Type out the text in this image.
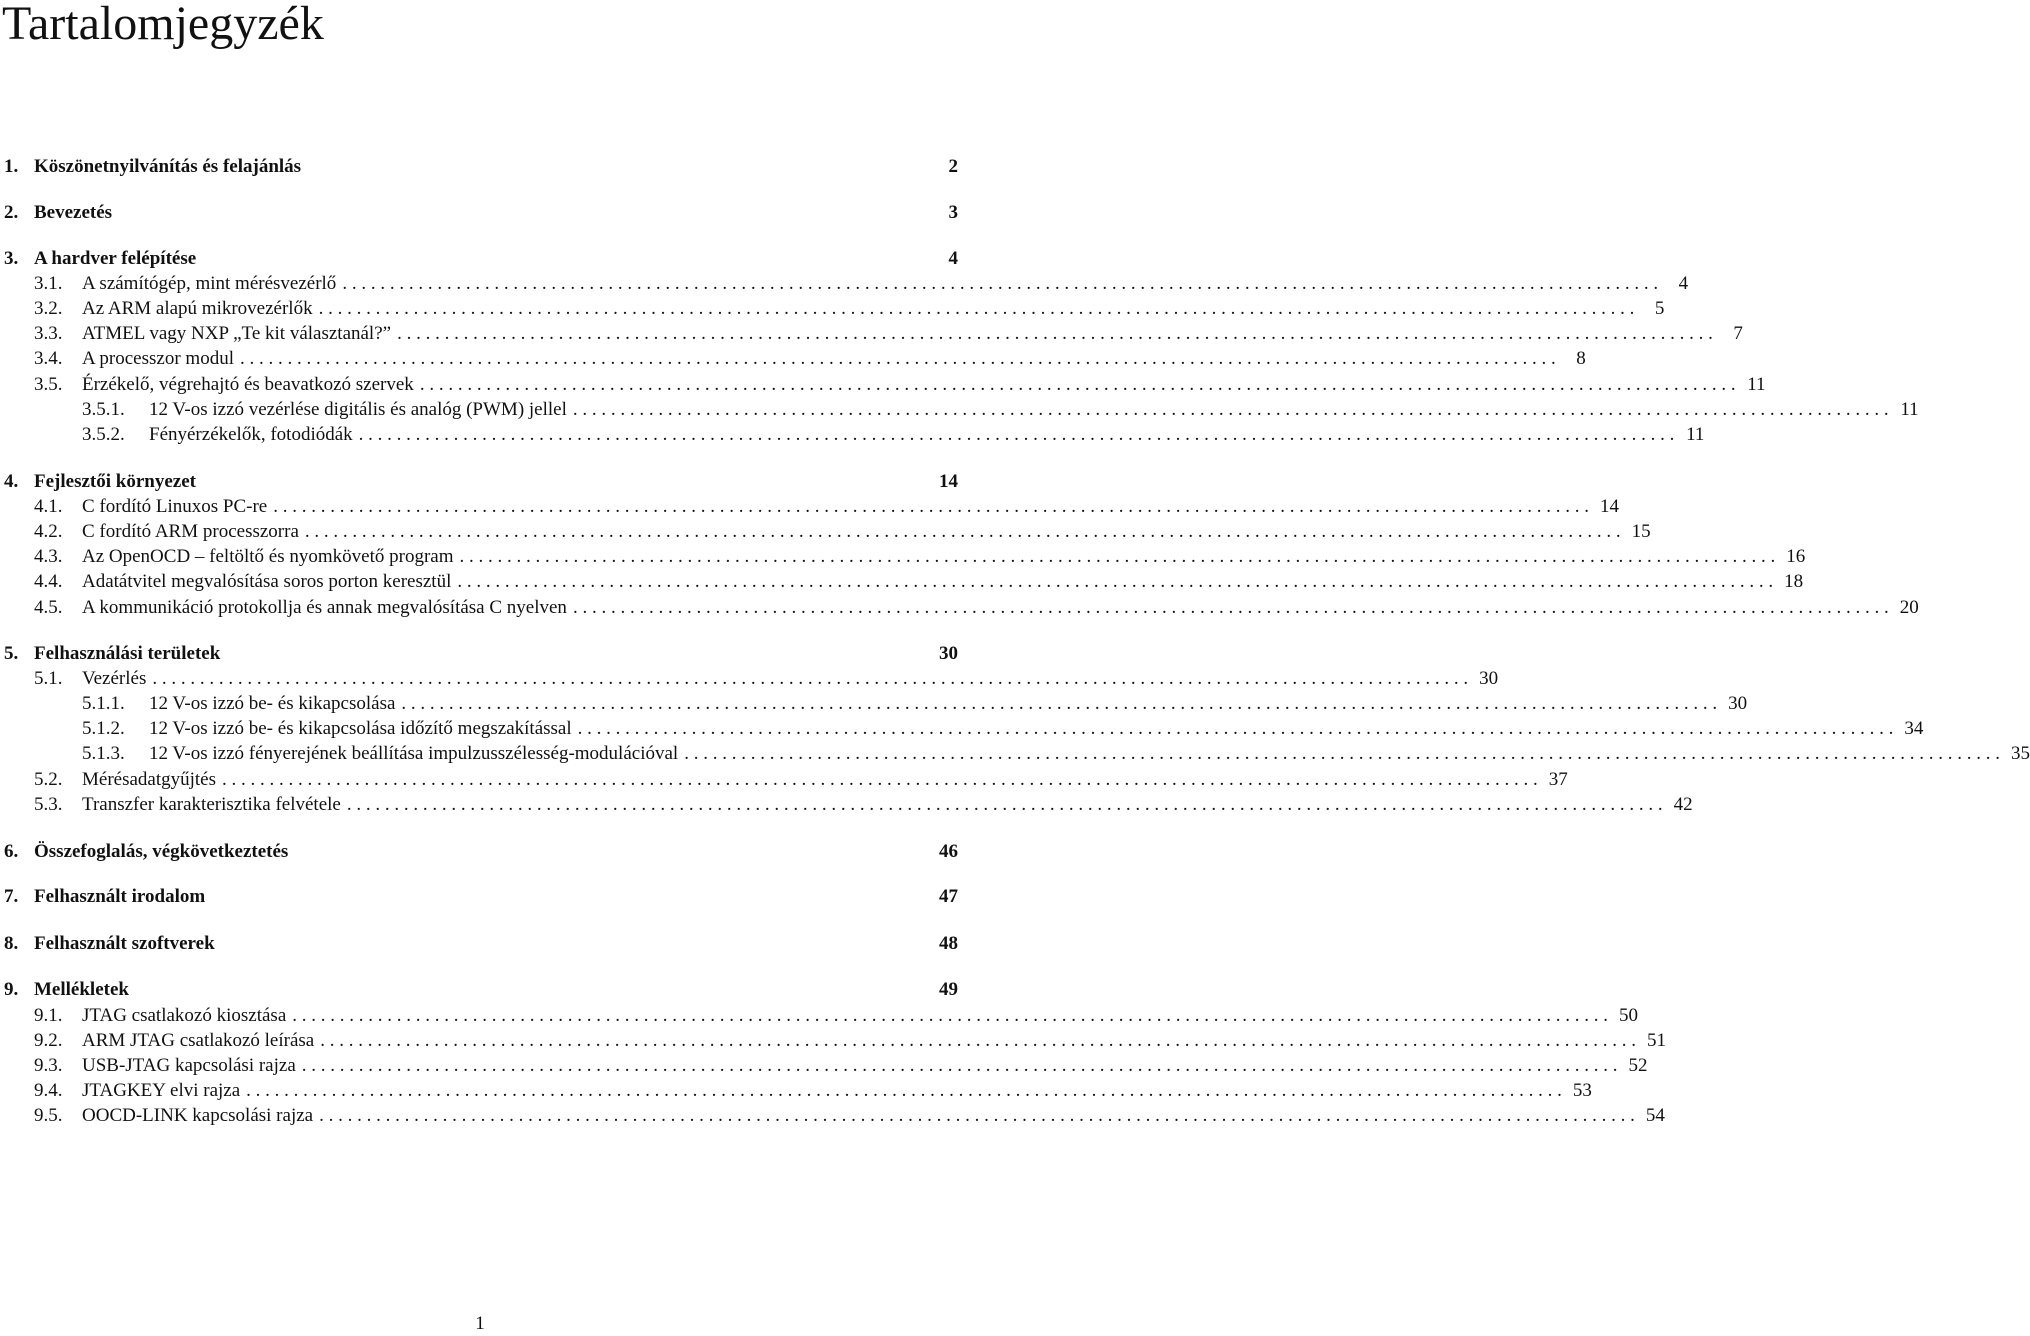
Tartalomjegyzék
1. Köszönetnyilvánítás és felajánlás	2
2. Bevezetés	3
3. A hardver felépítése	4
3.1.	A számítógép, mint mérésvezérlő . . . . . . . . . . . . . . . . . . . . . . . . . . . . . . . . . . . . . . . . . . . . . . . . . . . . . . . . . . . . . . . . . . . . . . . . . . . . . . . . . . . . . . . . . . . . . . . . . . . . . . . . . . . . . . . . . . . . . . . . . . . . . . . . . . . . . . . . . . .	4
3.2.	Az ARM alapú mikrovezérlők . . . . . . . . . . . . . . . . . . . . . . . . . . . . . . . . . . . . . . . . . . . . . . . . . . . . . . . . . . . . . . . . . . . . . . . . . . . . . . . . . . . . . . . . . . . . . . . . . . . . . . . . . . . . . . . . . . . . . . . . . . . . . . . . . . . . . . . . . . .	5
3.3.	ATMEL vagy NXP „Te kit választanál?” . . . . . . . . . . . . . . . . . . . . . . . . . . . . . . . . . . . . . . . . . . . . . . . . . . . . . . . . . . . . . . . . . . . . . . . . . . . . . . . . . . . . . . . . . . . . . . . . . . . . . . . . . . . . . . . . . . . . . . . . . . . . . . . . . . . . . . . . . . .	7
3.4.	A processzor modul . . . . . . . . . . . . . . . . . . . . . . . . . . . . . . . . . . . . . . . . . . . . . . . . . . . . . . . . . . . . . . . . . . . . . . . . . . . . . . . . . . . . . . . . . . . . . . . . . . . . . . . . . . . . . . . . . . . . . . . . . . . . . . . . . . . . . . . . . . .	8
3.5.	Érzékelő, végrehajtó és beavatkozó szervek . . . . . . . . . . . . . . . . . . . . . . . . . . . . . . . . . . . . . . . . . . . . . . . . . . . . . . . . . . . . . . . . . . . . . . . . . . . . . . . . . . . . . . . . . . . . . . . . . . . . . . . . . . . . . . . . . . . . . . . . . . . . . . . . . . . . . . . . . . . 11
3.5.1.	12 V-os izzó vezérlése digitális és analóg (PWM) jellel . . . . . . . . . . . . . . . . . . . . . . . . . . . . . . . . . . . . . . . . . . . . . . . . . . . . . . . . . . . . . . . . . . . . . . . . . . . . . . . . . . . . . . . . . . . . . . . . . . . . . . . . . . . . . . . . . . . . . . . . . . . . . . . . . . . . . . . . . . . 11
3.5.2.	Fényérzékelők, fotodiódák . . . . . . . . . . . . . . . . . . . . . . . . . . . . . . . . . . . . . . . . . . . . . . . . . . . . . . . . . . . . . . . . . . . . . . . . . . . . . . . . . . . . . . . . . . . . . . . . . . . . . . . . . . . . . . . . . . . . . . . . . . . . . . . . . . . . . . . . . . . 11
4. Fejlesztői környezet	14
4.1.	C fordító Linuxos PC-re . . . . . . . . . . . . . . . . . . . . . . . . . . . . . . . . . . . . . . . . . . . . . . . . . . . . . . . . . . . . . . . . . . . . . . . . . . . . . . . . . . . . . . . . . . . . . . . . . . . . . . . . . . . . . . . . . . . . . . . . . . . . . . . . . . . . . . . . . . . 14
4.2.	C fordító ARM processzorra . . . . . . . . . . . . . . . . . . . . . . . . . . . . . . . . . . . . . . . . . . . . . . . . . . . . . . . . . . . . . . . . . . . . . . . . . . . . . . . . . . . . . . . . . . . . . . . . . . . . . . . . . . . . . . . . . . . . . . . . . . . . . . . . . . . . . . . . . . . 15
4.3.	Az OpenOCD – feltöltő és nyomkövető program . . . . . . . . . . . . . . . . . . . . . . . . . . . . . . . . . . . . . . . . . . . . . . . . . . . . . . . . . . . . . . . . . . . . . . . . . . . . . . . . . . . . . . . . . . . . . . . . . . . . . . . . . . . . . . . . . . . . . . . . . . . . . . . . . . . . . . . . . . . 16
4.4.	Adatátvitel megvalósítása soros porton keresztül . . . . . . . . . . . . . . . . . . . . . . . . . . . . . . . . . . . . . . . . . . . . . . . . . . . . . . . . . . . . . . . . . . . . . . . . . . . . . . . . . . . . . . . . . . . . . . . . . . . . . . . . . . . . . . . . . . . . . . . . . . . . . . . . . . . . . . . . . . . 18
4.5.	A kommunikáció protokollja és annak megvalósítása C nyelven . . . . . . . . . . . . . . . . . . . . . . . . . . . . . . . . . . . . . . . . . . . . . . . . . . . . . . . . . . . . . . . . . . . . . . . . . . . . . . . . . . . . . . . . . . . . . . . . . . . . . . . . . . . . . . . . . . . . . . . . . . . . . . . . . . . . . . . . . . . 20
5. Felhasználási területek	30
5.1.	Vezérlés . . . . . . . . . . . . . . . . . . . . . . . . . . . . . . . . . . . . . . . . . . . . . . . . . . . . . . . . . . . . . . . . . . . . . . . . . . . . . . . . . . . . . . . . . . . . . . . . . . . . . . . . . . . . . . . . . . . . . . . . . . . . . . . . . . . . . . . . . . . 30
5.1.1.	12 V-os izzó be- és kikapcsolása . . . . . . . . . . . . . . . . . . . . . . . . . . . . . . . . . . . . . . . . . . . . . . . . . . . . . . . . . . . . . . . . . . . . . . . . . . . . . . . . . . . . . . . . . . . . . . . . . . . . . . . . . . . . . . . . . . . . . . . . . . . . . . . . . . . . . . . . . . . 30
5.1.2.	12 V-os izzó be- és kikapcsolása időzítő megszakítással . . . . . . . . . . . . . . . . . . . . . . . . . . . . . . . . . . . . . . . . . . . . . . . . . . . . . . . . . . . . . . . . . . . . . . . . . . . . . . . . . . . . . . . . . . . . . . . . . . . . . . . . . . . . . . . . . . . . . . . . . . . . . . . . . . . . . . . . . . . 34
5.1.3.	12 V-os izzó fényerejének beállítása impulzusszélesség-modulációval . . . . . . . . . . . . . . . . . . . . . . . . . . . . . . . . . . . . . . . . . . . . . . . . . . . . . . . . . . . . . . . . . . . . . . . . . . . . . . . . . . . . . . . . . . . . . . . . . . . . . . . . . . . . . . . . . . . . . . . . . . . . . . . . . . . . . . . . . . . 35
5.2.	Mérésadatgyűjtés . . . . . . . . . . . . . . . . . . . . . . . . . . . . . . . . . . . . . . . . . . . . . . . . . . . . . . . . . . . . . . . . . . . . . . . . . . . . . . . . . . . . . . . . . . . . . . . . . . . . . . . . . . . . . . . . . . . . . . . . . . . . . . . . . . . . . . . . . . . 37
5.3.	Transzfer karakterisztika felvétele . . . . . . . . . . . . . . . . . . . . . . . . . . . . . . . . . . . . . . . . . . . . . . . . . . . . . . . . . . . . . . . . . . . . . . . . . . . . . . . . . . . . . . . . . . . . . . . . . . . . . . . . . . . . . . . . . . . . . . . . . . . . . . . . . . . . . . . . . . . 42
6. Összefoglalás, végkövetkeztetés	46
7. Felhasznált irodalom	47
8. Felhasznált szoftverek	48
9. Mellékletek	49
9.1.	JTAG csatlakozó kiosztása . . . . . . . . . . . . . . . . . . . . . . . . . . . . . . . . . . . . . . . . . . . . . . . . . . . . . . . . . . . . . . . . . . . . . . . . . . . . . . . . . . . . . . . . . . . . . . . . . . . . . . . . . . . . . . . . . . . . . . . . . . . . . . . . . . . . . . . . . . . 50
9.2.	ARM JTAG csatlakozó leírása . . . . . . . . . . . . . . . . . . . . . . . . . . . . . . . . . . . . . . . . . . . . . . . . . . . . . . . . . . . . . . . . . . . . . . . . . . . . . . . . . . . . . . . . . . . . . . . . . . . . . . . . . . . . . . . . . . . . . . . . . . . . . . . . . . . . . . . . . . . 51
9.3.	USB-JTAG kapcsolási rajza . . . . . . . . . . . . . . . . . . . . . . . . . . . . . . . . . . . . . . . . . . . . . . . . . . . . . . . . . . . . . . . . . . . . . . . . . . . . . . . . . . . . . . . . . . . . . . . . . . . . . . . . . . . . . . . . . . . . . . . . . . . . . . . . . . . . . . . . . . . 52
9.4.	JTAGKEY elvi rajza . . . . . . . . . . . . . . . . . . . . . . . . . . . . . . . . . . . . . . . . . . . . . . . . . . . . . . . . . . . . . . . . . . . . . . . . . . . . . . . . . . . . . . . . . . . . . . . . . . . . . . . . . . . . . . . . . . . . . . . . . . . . . . . . . . . . . . . . . . . 53
9.5.	OOCD-LINK kapcsolási rajza . . . . . . . . . . . . . . . . . . . . . . . . . . . . . . . . . . . . . . . . . . . . . . . . . . . . . . . . . . . . . . . . . . . . . . . . . . . . . . . . . . . . . . . . . . . . . . . . . . . . . . . . . . . . . . . . . . . . . . . . . . . . . . . . . . . . . . . . . . . 54
1
